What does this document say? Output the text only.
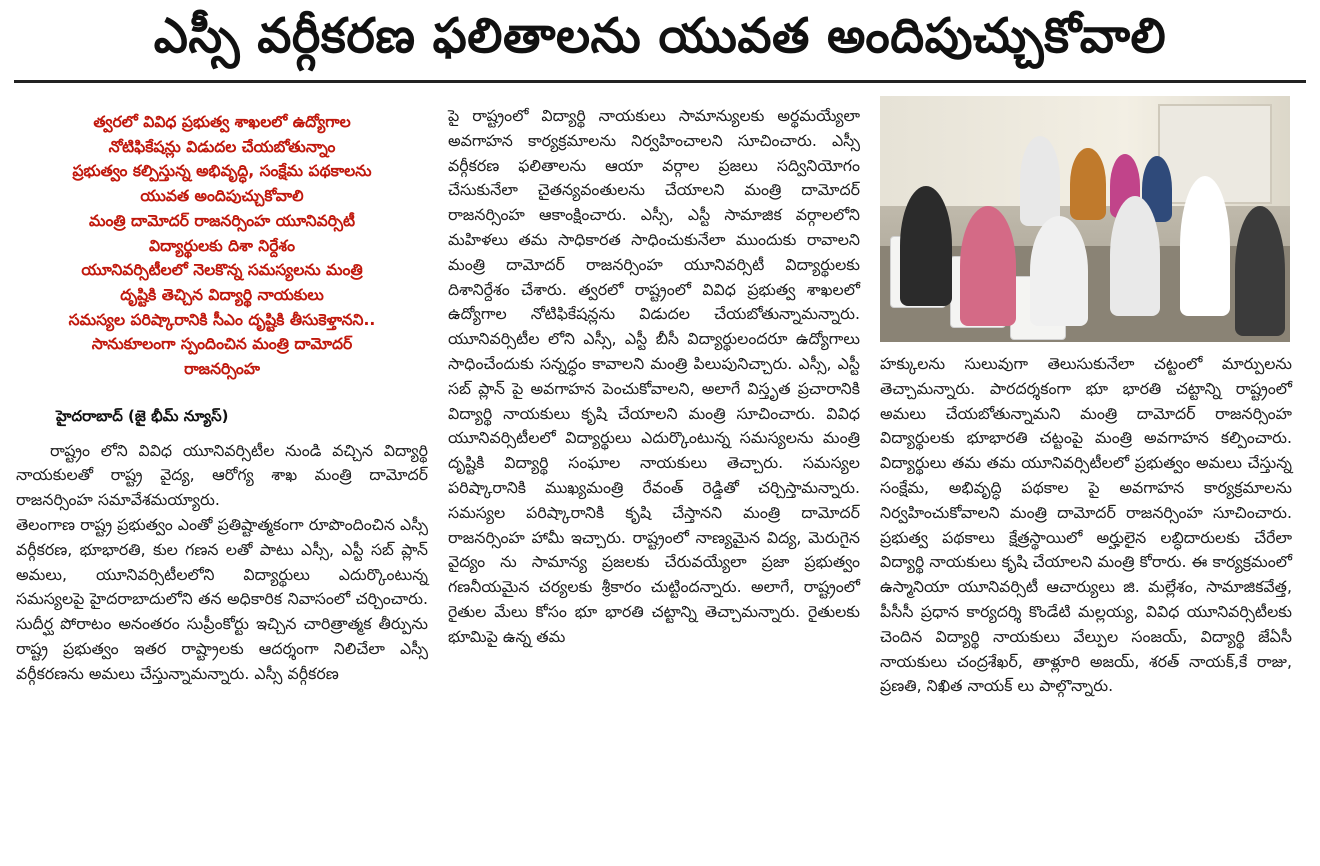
ఎస్సీ వర్గీకరణ ఫలితాలను యువత అందిపుచ్చుకోవాలి
త్వరలో వివిధ ప్రభుత్వ శాఖలలో ఉద్యోగాల
నోటిఫికేషన్లు విడుదల చేయబోతున్నాం
ప్రభుత్వం కల్పిస్తున్న అభివృద్ధి, సంక్షేమ పథకాలను
యువత అందిపుచ్చుకోవాలి
మంత్రి దామోదర్ రాజనర్సింహ యూనివర్సిటీ
విద్యార్థులకు దిశా నిర్దేశం
యూనివర్సిటీలలో నెలకొన్న సమస్యలను మంత్రి
దృష్టికి తెచ్చిన విద్యార్థి నాయకులు
సమస్యల పరిష్కారానికి సీఎం దృష్టికి తీసుకెళ్తానని..
సానుకూలంగా స్పందించిన మంత్రి దామోదర్
రాజనర్సింహ
హైదరాబాద్ (జై భీమ్ న్యూస్)

రాష్ట్రం లోని వివిధ యూనివర్సిటీల నుండి వచ్చిన విద్యార్థి నాయకులతో రాష్ట్ర వైద్య, ఆరోగ్య శాఖ మంత్రి దామోదర్ రాజనర్సింహ సమావేశమయ్యారు.

తెలంగాణ రాష్ట్ర ప్రభుత్వం ఎంతో ప్రతిష్టాత్మకంగా రూపొందించిన ఎస్సీ వర్గీకరణ, భూభారతి, కుల గణన లతో పాటు ఎస్సీ, ఎస్టీ సబ్ ప్లాన్ అమలు, యూనివర్సిటీలలోని విద్యార్థులు ఎదుర్కొంటున్న సమస్యలపై హైదరాబాదులోని తన అధికారిక నివాసంలో చర్చించారు. సుదీర్ఘ పోరాటం అనంతరం సుప్రీంకోర్టు ఇచ్చిన చారిత్రాత్మక తీర్పును రాష్ట్ర ప్రభుత్వం ఇతర రాష్ట్రాలకు ఆదర్శంగా నిలిచేలా ఎస్సీ వర్గీకరణను అమలు చేస్తున్నామన్నారు. ఎస్సీ వర్గీకరణ

పై రాష్ట్రంలో విద్యార్థి నాయకులు సామాన్యులకు అర్థమయ్యేలా అవగాహన కార్యక్రమాలను నిర్వహించాలని సూచించారు. ఎస్సీ వర్గీకరణ ఫలితాలను ఆయా వర్గాల ప్రజలు సద్వినియోగం చేసుకునేలా చైతన్యవంతులను చేయాలని మంత్రి దామోదర్ రాజనర్సింహ ఆకాంక్షించారు. ఎస్సీ, ఎస్టీ సామాజిక వర్గాలలోని మహిళలు తమ సాధికారత సాధించుకునేలా ముందుకు రావాలని మంత్రి దామోదర్ రాజనర్సింహ యూనివర్సిటీ విద్యార్థులకు దిశానిర్దేశం చేశారు. త్వరలో రాష్ట్రంలో వివిధ ప్రభుత్వ శాఖలలో ఉద్యోగాల నోటిఫికేషన్లను విడుదల చేయబోతున్నామన్నారు. యూనివర్సిటీల లోని ఎస్సీ, ఎస్టీ బీసీ విద్యార్థులందరూ ఉద్యోగాలు సాధించేందుకు సన్నద్ధం కావాలని మంత్రి పిలుపునిచ్చారు. ఎస్సీ, ఎస్టీ సబ్ ప్లాన్ పై అవగాహన పెంచుకోవాలని, అలాగే విస్తృత ప్రచారానికి విద్యార్థి నాయకులు కృషి చేయాలని మంత్రి సూచించారు. వివిధ యూనివర్సిటీలలో విద్యార్థులు ఎదుర్కొంటున్న సమస్యలను మంత్రి దృష్టికి విద్యార్థి సంఘాల నాయకులు తెచ్చారు. సమస్యల పరిష్కారానికి ముఖ్యమంత్రి రేవంత్ రెడ్డితో చర్చిస్తామన్నారు. సమస్యల పరిష్కారానికి కృషి చేస్తానని మంత్రి దామోదర్ రాజనర్సింహ హామీ ఇచ్చారు. రాష్ట్రంలో నాణ్యమైన విద్య, మెరుగైన వైద్యం ను సామాన్య ప్రజలకు చేరువయ్యేలా ప్రజా ప్రభుత్వం గణనీయమైన చర్యలకు శ్రీకారం చుట్టిందన్నారు. అలాగే, రాష్ట్రంలో రైతుల మేలు కోసం భూ భారతి చట్టాన్ని తెచ్చామన్నారు. రైతులకు భూమిపై ఉన్న తమ

హక్కులను సులువుగా తెలుసుకునేలా చట్టంలో మార్పులను తెచ్చామన్నారు. పారదర్శకంగా భూ భారతి చట్టాన్ని రాష్ట్రంలో అమలు చేయబోతున్నామని మంత్రి దామోదర్ రాజనర్సింహ విద్యార్థులకు భూభారతి చట్టంపై మంత్రి అవగాహన కల్పించారు. విద్యార్థులు తమ తమ యూనివర్సిటీలలో ప్రభుత్వం అమలు చేస్తున్న సంక్షేమ, అభివృద్ధి పథకాల పై అవగాహన కార్యక్రమాలను నిర్వహించుకోవాలని మంత్రి దామోదర్ రాజనర్సింహ సూచించారు. ప్రభుత్వ పథకాలు క్షేత్రస్థాయిలో అర్హులైన లబ్ధిదారులకు చేరేలా విద్యార్థి నాయకులు కృషి చేయాలని మంత్రి కోరారు. ఈ కార్యక్రమంలో ఉస్మానియా యూనివర్సిటీ ఆచార్యులు జి. మల్లేశం, సామాజికవేత్త, పీసీసీ ప్రధాన కార్యదర్శి కొండేటి మల్లయ్య, వివిధ యూనివర్సిటీలకు చెందిన విద్యార్థి నాయకులు వేల్పుల సంజయ్, విద్యార్థి జేఏసీ నాయకులు చంద్రశేఖర్, తాళ్లూరి అజయ్, శరత్ నాయక్,కే రాజు, ప్రణతి, నిఖిత నాయక్ లు పాల్గొన్నారు.
